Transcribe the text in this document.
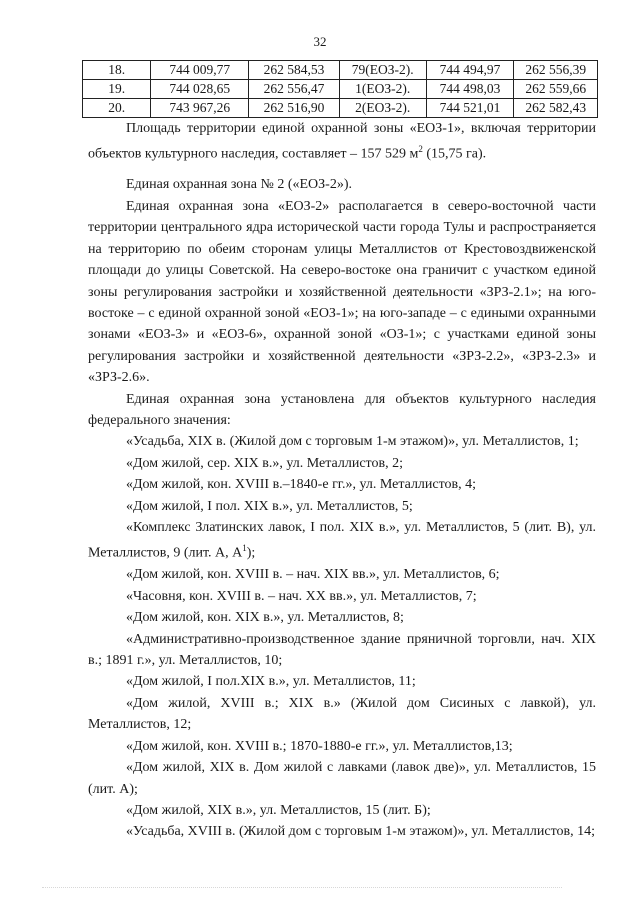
32
18.	744 009,77	262 584,53	79(ЕОЗ-2).	744 494,97	262 556,39
19.	744 028,65	262 556,47	1(ЕОЗ-2).	744 498,03	262 559,66
20.	743 967,26	262 516,90	2(ЕОЗ-2).	744 521,01	262 582,43

Площадь территории единой охранной зоны «ЕОЗ-1», включая территории объектов культурного наследия, составляет – 157 529 $м^2$ (15,75 га).

Единая охранная зона № 2 («ЕОЗ-2»).

Единая охранная зона «ЕОЗ-2» располагается в северо-восточной части территории центрального ядра исторической части города Тулы и распространяется на территорию по обеим сторонам улицы Металлистов от Крестовоздвиженской площади до улицы Советской. На северо-востоке она граничит с участком единой зоны регулирования застройки и хозяйственной деятельности «ЗРЗ-2.1»; на юго-востоке – с единой охранной зоной «ЕОЗ-1»; на юго-западе – с едиными охранными зонами «ЕОЗ-3» и «ЕОЗ-6», охранной зоной «ОЗ-1»; с участками единой зоны регулирования застройки и хозяйственной деятельности «ЗРЗ-2.2», «ЗРЗ-2.3» и «ЗРЗ-2.6».

Единая охранная зона установлена для объектов культурного наследия федерального значения:

«Усадьба, XIX в. (Жилой дом с торговым 1-м этажом)», ул. Металлистов, 1;

«Дом жилой, сер. XIX в.», ул. Металлистов, 2;

«Дом жилой, кон. XVIII в.–1840-е гг.», ул. Металлистов, 4;

«Дом жилой, I пол. XIX в.», ул. Металлистов, 5;

«Комплекс Златинских лавок, I пол. XIX в.», ул. Металлистов, 5 (лит. В), ул. Металлистов, 9 (лит. А, $А^1$);

«Дом жилой, кон. XVIII в. – нач. XIX вв.», ул. Металлистов, 6;

«Часовня, кон. XVIII в. – нач. XX вв.», ул. Металлистов, 7;

«Дом жилой, кон. XIX в.», ул. Металлистов, 8;

«Административно-производственное здание пряничной торговли, нач. XIX в.; 1891 г.», ул. Металлистов, 10;

«Дом жилой, I пол.XIX в.», ул. Металлистов, 11;

«Дом жилой, XVIII в.; XIX в.» (Жилой дом Сисиных с лавкой), ул. Металлистов, 12;

«Дом жилой, кон. XVIII в.; 1870-1880-е гг.», ул. Металлистов,13;

«Дом жилой, XIX в. Дом жилой с лавками (лавок две)», ул. Металлистов, 15 (лит. А);

«Дом жилой, XIX в.», ул. Металлистов, 15 (лит. Б);

«Усадьба, XVIII в. (Жилой дом с торговым 1-м этажом)», ул. Металлистов, 14;
